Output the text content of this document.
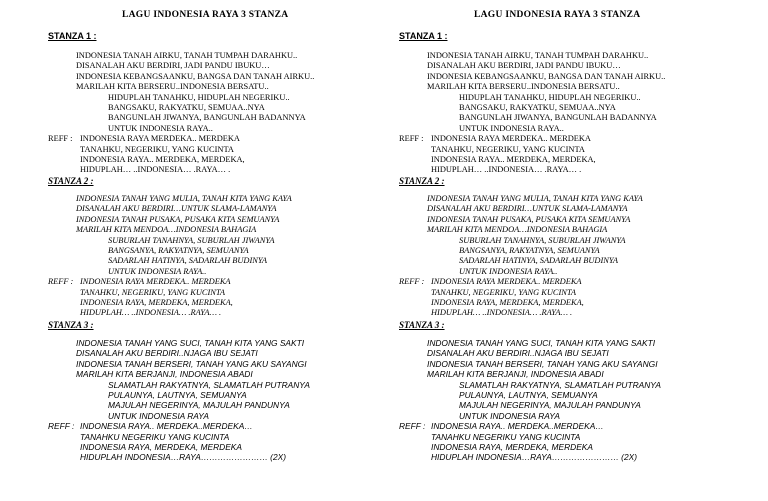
LAGU INDONESIA RAYA 3 STANZA
STANZA 1 :
INDONESIA TANAH AIRKU, TANAH TUMPAH DARAHKU..
DISANALAH AKU BERDIRI, JADI PANDU IBUKU…
INDONESIA KEBANGSAANKU, BANGSA DAN TANAH AIRKU..
MARILAH KITA BERSERU..INDONESIA BERSATU..
HIDUPLAH TANAHKU, HIDUPLAH NEGERIKU..
BANGSAKU, RAKYATKU, SEMUAA..NYA
BANGUNLAH JIWANYA, BANGUNLAH BADANNYA
UNTUK INDONESIA RAYA..
REFF : INDONESIA RAYA MERDEKA.. MERDEKA
TANAHKU, NEGERIKU, YANG KUCINTA
INDONESIA RAYA.. MERDEKA, MERDEKA,
HIDUPLAH… ..INDONESIA… .RAYA… .
STANZA 2 :
INDONESIA TANAH YANG MULIA, TANAH KITA YANG KAYA
DISANALAH AKU BERDIRI…UNTUK SLAMA-LAMANYA
INDONESIA TANAH PUSAKA, PUSAKA KITA SEMUANYA
MARILAH KITA MENDOA…INDONESIA BAHAGIA
SUBURLAH TANAHNYA, SUBURLAH JIWANYA
BANGSANYA, RAKYATNYA, SEMUANYA
SADARLAH HATINYA, SADARLAH BUDINYA
UNTUK INDONESIA RAYA..
REFF : INDONESIA RAYA MERDEKA.. MERDEKA
TANAHKU, NEGERIKU, YANG KUCINTA
INDONESIA RAYA, MERDEKA, MERDEKA,
HIDUPLAH… ..INDONESIA… .RAYA… .
STANZA 3 :
INDONESIA TANAH YANG SUCI, TANAH KITA YANG SAKTI
DISANALAH AKU BERDIRI..NJAGA IBU SEJATI
INDONESIA TANAH BERSERI, TANAH YANG AKU SAYANGI
MARILAH KITA BERJANJI, INDONESIA ABADI
SLAMATLAH RAKYATNYA, SLAMATLAH PUTRANYA
PULAUNYA, LAUTNYA, SEMUANYA
MAJULAH NEGERINYA, MAJULAH PANDUNYA
UNTUK INDONESIA RAYA
REFF : INDONESIA RAYA.. MERDEKA..MERDEKA…
TANAHKU NEGERIKU YANG KUCINTA
INDONESIA RAYA, MERDEKA, MERDEKA
HIDUPLAH INDONESIA…RAYA…………………… (2X)
LAGU INDONESIA RAYA 3 STANZA
STANZA 1 :
INDONESIA TANAH AIRKU, TANAH TUMPAH DARAHKU..
DISANALAH AKU BERDIRI, JADI PANDU IBUKU…
INDONESIA KEBANGSAANKU, BANGSA DAN TANAH AIRKU..
MARILAH KITA BERSERU..INDONESIA BERSATU..
HIDUPLAH TANAHKU, HIDUPLAH NEGERIKU..
BANGSAKU, RAKYATKU, SEMUAA..NYA
BANGUNLAH JIWANYA, BANGUNLAH BADANNYA
UNTUK INDONESIA RAYA..
REFF : INDONESIA RAYA MERDEKA.. MERDEKA
TANAHKU, NEGERIKU, YANG KUCINTA
INDONESIA RAYA.. MERDEKA, MERDEKA,
HIDUPLAH… ..INDONESIA… .RAYA… .
STANZA 2 :
INDONESIA TANAH YANG MULIA, TANAH KITA YANG KAYA
DISANALAH AKU BERDIRI…UNTUK SLAMA-LAMANYA
INDONESIA TANAH PUSAKA, PUSAKA KITA SEMUANYA
MARILAH KITA MENDOA…INDONESIA BAHAGIA
SUBURLAH TANAHNYA, SUBURLAH JIWANYA
BANGSANYA, RAKYATNYA, SEMUANYA
SADARLAH HATINYA, SADARLAH BUDINYA
UNTUK INDONESIA RAYA..
REFF : INDONESIA RAYA MERDEKA.. MERDEKA
TANAHKU, NEGERIKU, YANG KUCINTA
INDONESIA RAYA, MERDEKA, MERDEKA,
HIDUPLAH… ..INDONESIA… .RAYA… .
STANZA 3 :
INDONESIA TANAH YANG SUCI, TANAH KITA YANG SAKTI
DISANALAH AKU BERDIRI..NJAGA IBU SEJATI
INDONESIA TANAH BERSERI, TANAH YANG AKU SAYANGI
MARILAH KITA BERJANJI, INDONESIA ABADI
SLAMATLAH RAKYATNYA, SLAMATLAH PUTRANYA
PULAUNYA, LAUTNYA, SEMUANYA
MAJULAH NEGERINYA, MAJULAH PANDUNYA
UNTUK INDONESIA RAYA
REFF : INDONESIA RAYA.. MERDEKA..MERDEKA…
TANAHKU NEGERIKU YANG KUCINTA
INDONESIA RAYA, MERDEKA, MERDEKA
HIDUPLAH INDONESIA…RAYA…………………… (2X)
